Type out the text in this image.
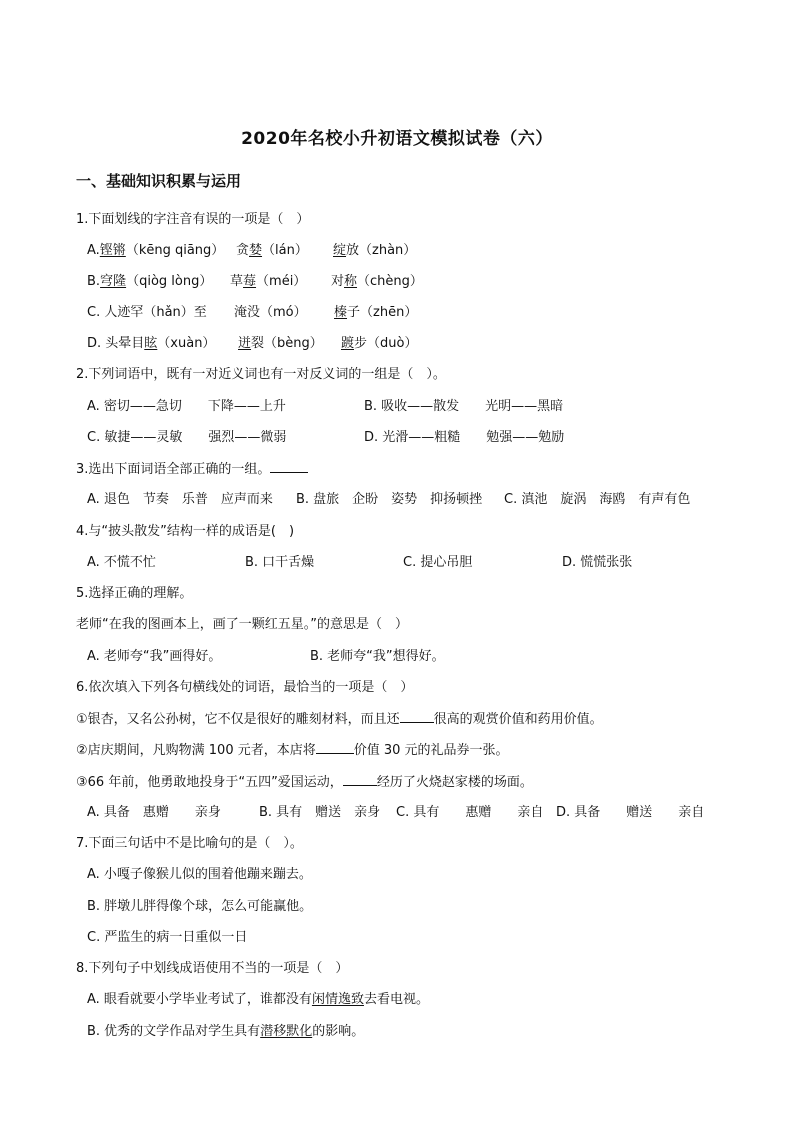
2020年名校小升初语文模拟试卷（六）
一、基础知识积累与运用
1.下面划线的字注音有误的一项是（　）
A.铿锵（kēng qiāng） 贪婪（lán） 绽放（zhàn）
B.穹隆（qiòg lòng） 草莓（méi） 对称（chèng）
C. 人迹罕（hǎn）至 淹没（mó） 榛子（zhēn）
D. 头晕目眩（xuàn） 迸裂（bèng） 踱步（duò）
2.下列词语中，既有一对近义词也有一对反义词的一组是（　）。
A. 密切——急切　　下降——上升	B. 吸收——散发　　光明——黑暗
C. 敏捷——灵敏　　强烈——微弱	D. 光滑——粗糙　　勉强——勉励
3.选出下面词语全部正确的一组。
A. 退色　节奏　乐普　应声而来 B. 盘旅　企盼　姿势　抑扬顿挫 C. 滇池　旋涡　海鸥　有声有色
4.与“披头散发”结构一样的成语是(　)
A. 不慌不忙	B. 口干舌燥	C. 提心吊胆	D. 慌慌张张
5.选择正确的理解。
老师“在我的图画本上，画了一颗红五星。”的意思是（　）
A. 老师夸“我”画得好。	B. 老师夸“我”想得好。
6.依次填入下列各句横线处的词语，最恰当的一项是（　）
①银杏，又名公孙树，它不仅是很好的雕刻材料，而且还	很高的观赏价值和药用价值。
②店庆期间，凡购物满 100 元者，本店将	价值 30 元的礼品券一张。
③66 年前，他勇敢地投身于“五四”爱国运动，	经历了火烧赵家楼的场面。
A. 具备　惠赠　　亲身	B. 具有　赠送　亲身 C. 具有　　惠赠　　亲自 D. 具备　　赠送　　亲自
7.下面三句话中不是比喻句的是（　）。
A. 小嘎子像猴儿似的围着他蹦来蹦去。
B. 胖墩儿胖得像个球，怎么可能赢他。
C. 严监生的病一日重似一日
8.下列句子中划线成语使用不当的一项是（　）
A. 眼看就要小学毕业考试了，谁都没有闲情逸致去看电视。
B. 优秀的文学作品对学生具有潜移默化的影响。
